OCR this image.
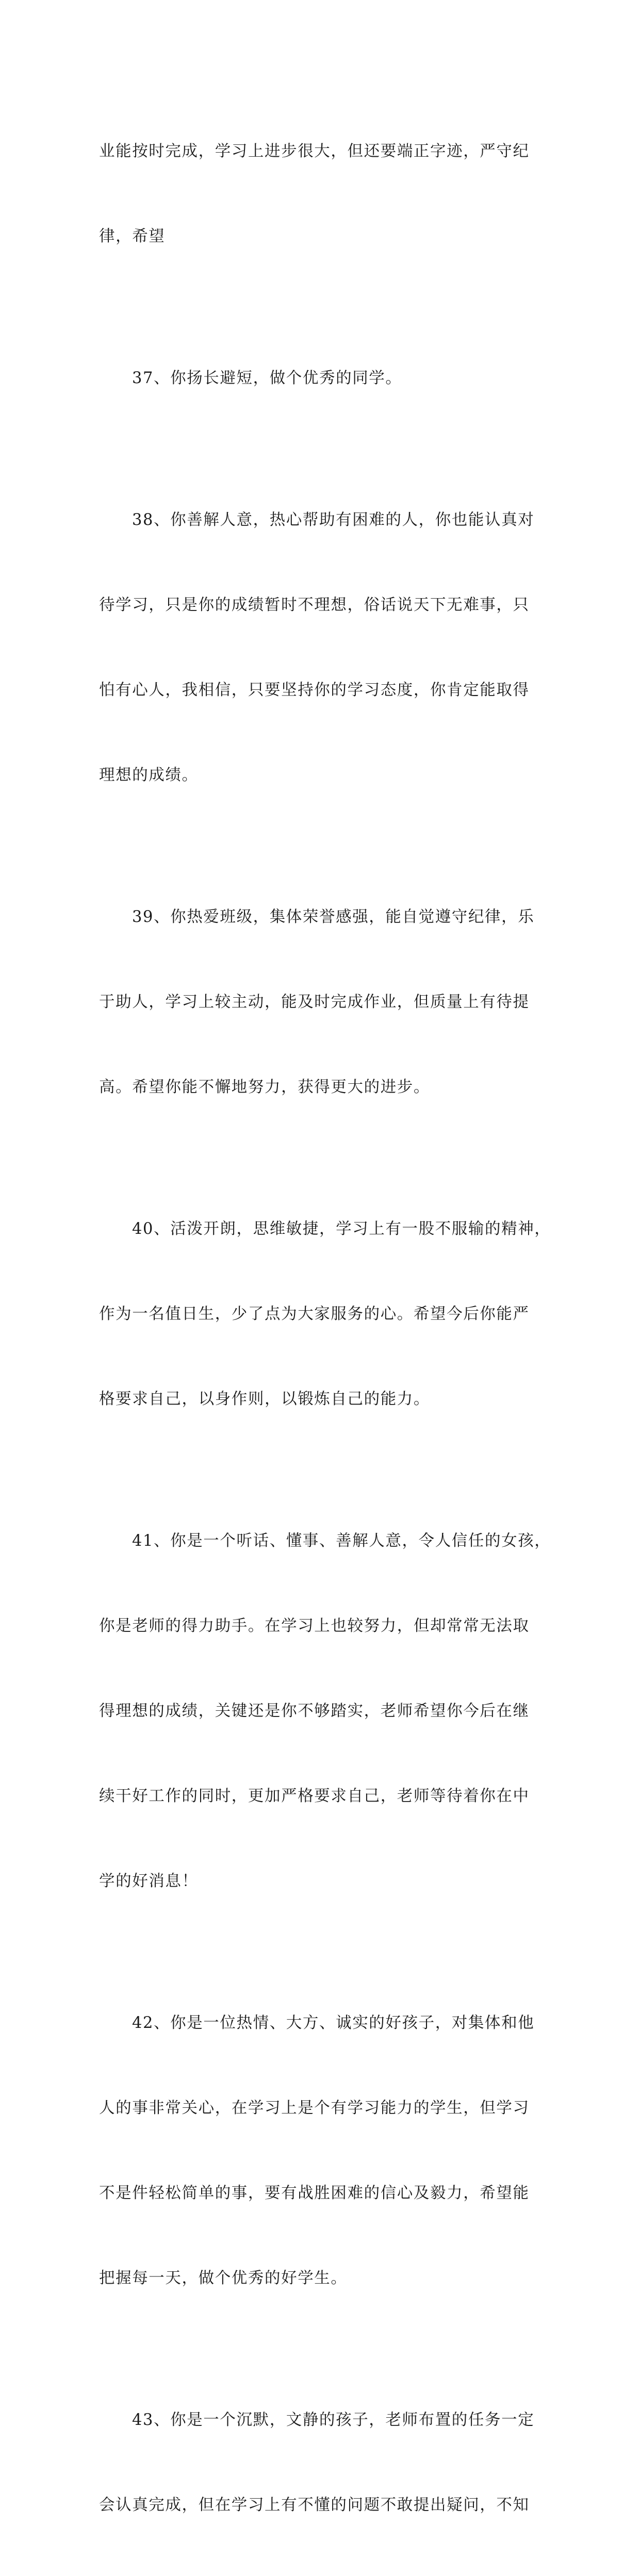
业能按时完成，学习上进步很大，但还要端正字迹，严守纪

律，希望

37、你扬长避短，做个优秀的同学。

38、你善解人意，热心帮助有困难的人，你也能认真对

待学习，只是你的成绩暂时不理想，俗话说天下无难事，只

怕有心人，我相信，只要坚持你的学习态度，你肯定能取得

理想的成绩。

39、你热爱班级，集体荣誉感强，能自觉遵守纪律，乐

于助人，学习上较主动，能及时完成作业，但质量上有待提

高。希望你能不懈地努力，获得更大的进步。

40、活泼开朗，思维敏捷，学习上有一股不服输的精神，

作为一名值日生，少了点为大家服务的心。希望今后你能严

格要求自己，以身作则，以锻炼自己的能力。

41、你是一个听话、懂事、善解人意，令人信任的女孩，

你是老师的得力助手。在学习上也较努力，但却常常无法取

得理想的成绩，关键还是你不够踏实，老师希望你今后在继

续干好工作的同时，更加严格要求自己，老师等待着你在中

学的好消息！

42、你是一位热情、大方、诚实的好孩子，对集体和他

人的事非常关心，在学习上是个有学习能力的学生，但学习

不是件轻松简单的事，要有战胜困难的信心及毅力，希望能

把握每一天，做个优秀的好学生。

43、你是一个沉默，文静的孩子，老师布置的任务一定

会认真完成，但在学习上有不懂的问题不敢提出疑问，不知
